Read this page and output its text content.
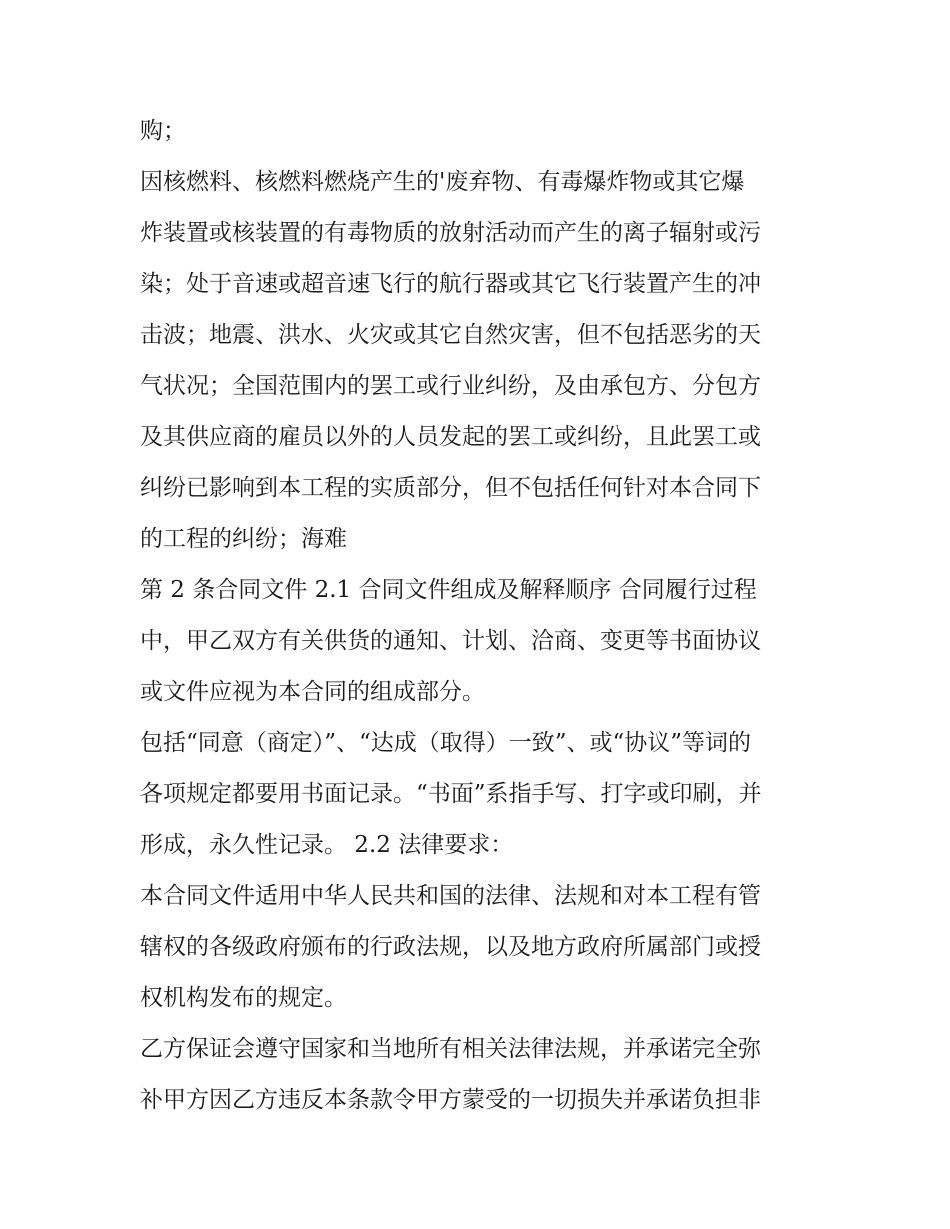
购；
因核燃料、核燃料燃烧产生的'废弃物、有毒爆炸物或其它爆
炸装置或核装置的有毒物质的放射活动而产生的离子辐射或污
染；处于音速或超音速飞行的航行器或其它飞行装置产生的冲
击波；地震、洪水、火灾或其它自然灾害，但不包括恶劣的天
气状况；全国范围内的罢工或行业纠纷，及由承包方、分包方
及其供应商的雇员以外的人员发起的罢工或纠纷，且此罢工或
纠纷已影响到本工程的实质部分，但不包括任何针对本合同下
的工程的纠纷；海难
第 2 条合同文件 2.1 合同文件组成及解释顺序 合同履行过程
中，甲乙双方有关供货的通知、计划、洽商、变更等书面协议
或文件应视为本合同的组成部分。
包括“同意（商定）”、“达成（取得）一致”、或“协议”等词的
各项规定都要用书面记录。“书面”系指手写、打字或印刷，并
形成，永久性记录。 2.2 法律要求：
本合同文件适用中华人民共和国的法律、法规和对本工程有管
辖权的各级政府颁布的行政法规，以及地方政府所属部门或授
权机构发布的规定。
乙方保证会遵守国家和当地所有相关法律法规，并承诺完全弥
补甲方因乙方违反本条款令甲方蒙受的一切损失并承诺负担非
